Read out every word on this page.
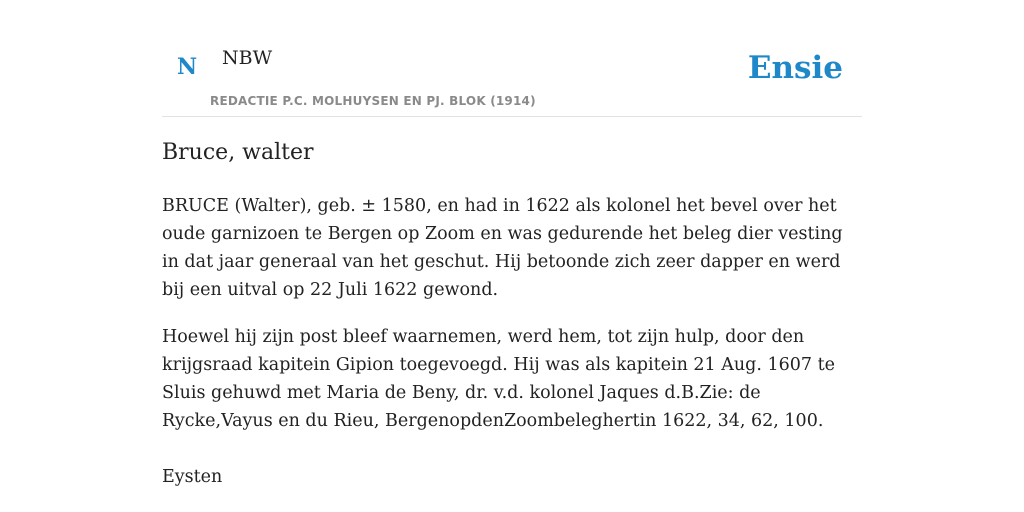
N NBW
REDACTIE P.C. MOLHUYSEN EN PJ. BLOK (1914)
Ensie
Bruce, walter

BRUCE (Walter), geb. ± 1580, en had in 1622 als kolonel het bevel over het oude garnizoen te Bergen op Zoom en was gedurende het beleg dier vesting in dat jaar generaal van het geschut. Hij betoonde zich zeer dapper en werd bij een uitval op 22 Juli 1622 gewond.

Hoewel hij zijn post bleef waarnemen, werd hem, tot zijn hulp, door den krijgsraad kapitein Gipion toegevoegd. Hij was als kapitein 21 Aug. 1607 te Sluis gehuwd met Maria de Beny, dr. v.d. kolonel Jaques d.B.Zie: de Rycke,Vayus en du Rieu, BergenopdenZoombeleghertin 1622, 34, 62, 100.

Eysten
